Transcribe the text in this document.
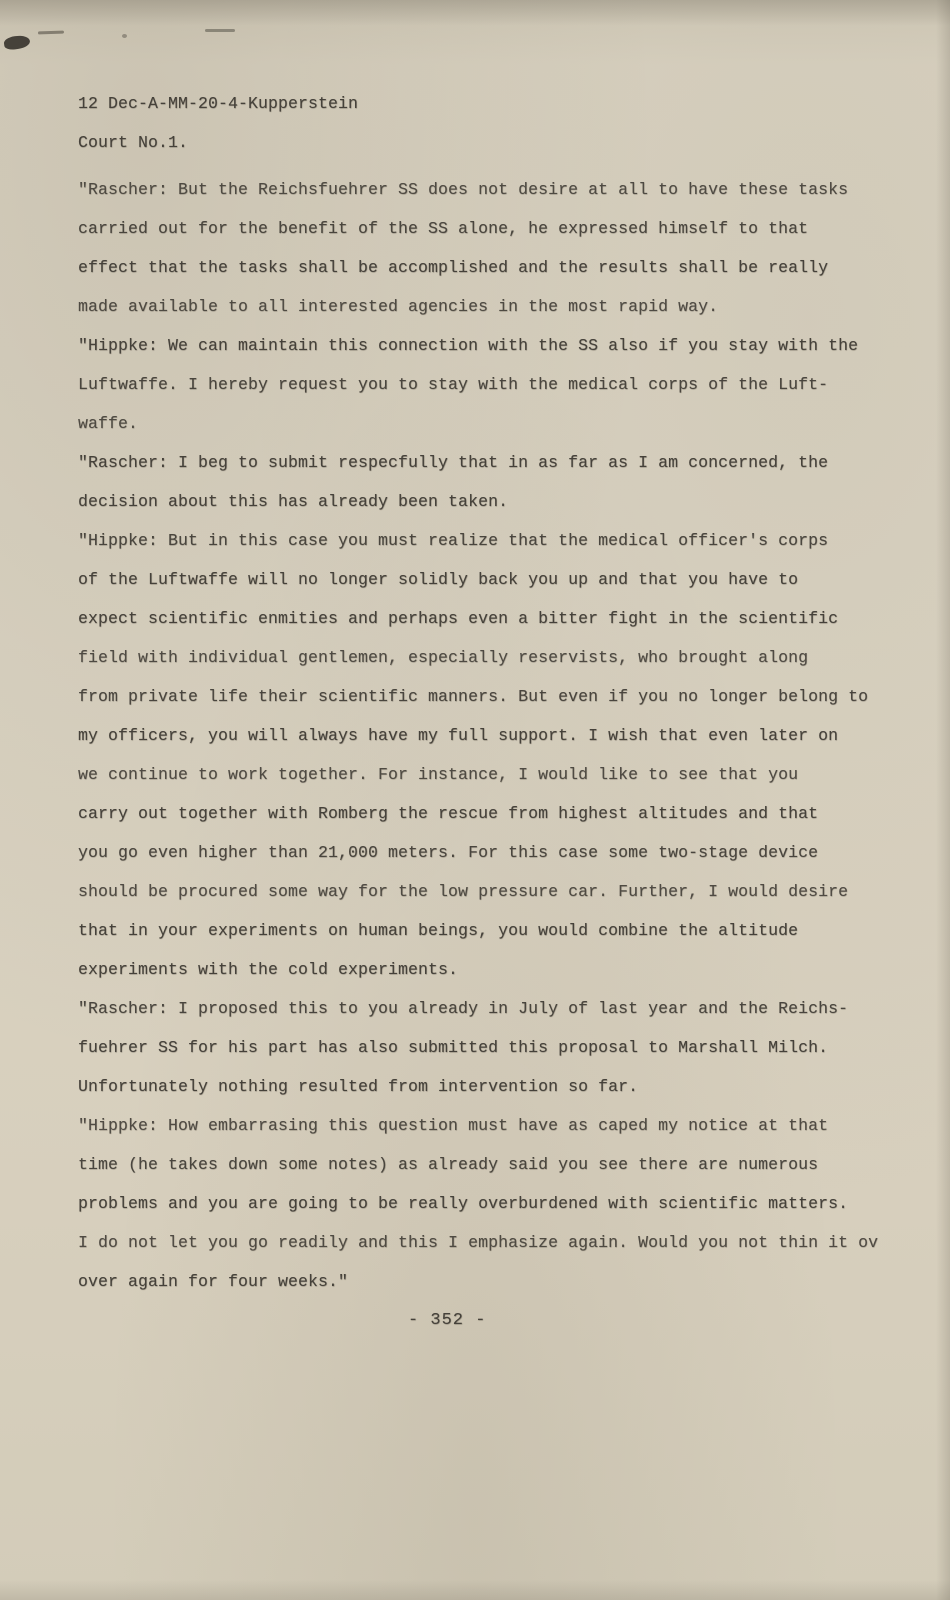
12 Dec-A-MM-20-4-Kupperstein
Court No.1.
"Rascher: But the Reichsfuehrer SS does not desire at all to have these tasks
carried out for the benefit of the SS alone, he expressed himself to that
effect that the tasks shall be accomplished and the results shall be really
made available to all interested agencies in the most rapid way.
"Hippke: We can maintain this connection with the SS also if you stay with the
Luftwaffe. I hereby request you to stay with the medical corps of the Luft-
waffe.
"Rascher: I beg to submit respecfully that in as far as I am concerned, the
decision about this has already been taken.
"Hippke: But in this case you must realize that the medical officer's corps
of the Luftwaffe will no longer solidly back you up and that you have to
expect scientific enmities and perhaps even a bitter fight in the scientific
field with individual gentlemen, especially reservists, who brought along
from private life their scientific manners. But even if you no longer belong to
my officers, you will always have my full support. I wish that even later on
we continue to work together. For instance, I would like to see that you
carry out together with Romberg the rescue from highest altitudes and that
you go even higher than 21,000 meters. For this case some two-stage device
should be procured some way for the low pressure car. Further, I would desire
that in your experiments on human beings, you would combine the altitude
experiments with the cold experiments.
"Rascher: I proposed this to you already in July of last year and the Reichs-
fuehrer SS for his part has also submitted this proposal to Marshall Milch.
Unfortunately nothing resulted from intervention so far.
"Hippke: How embarrasing this question must have as caped my notice at that
time (he takes down some notes) as already said you see there are numerous
problems and you are going to be really overburdened with scientific matters.
I do not let you go readily and this I emphasize again. Would you not thin it ov
over again for four weeks."
- 352 -
